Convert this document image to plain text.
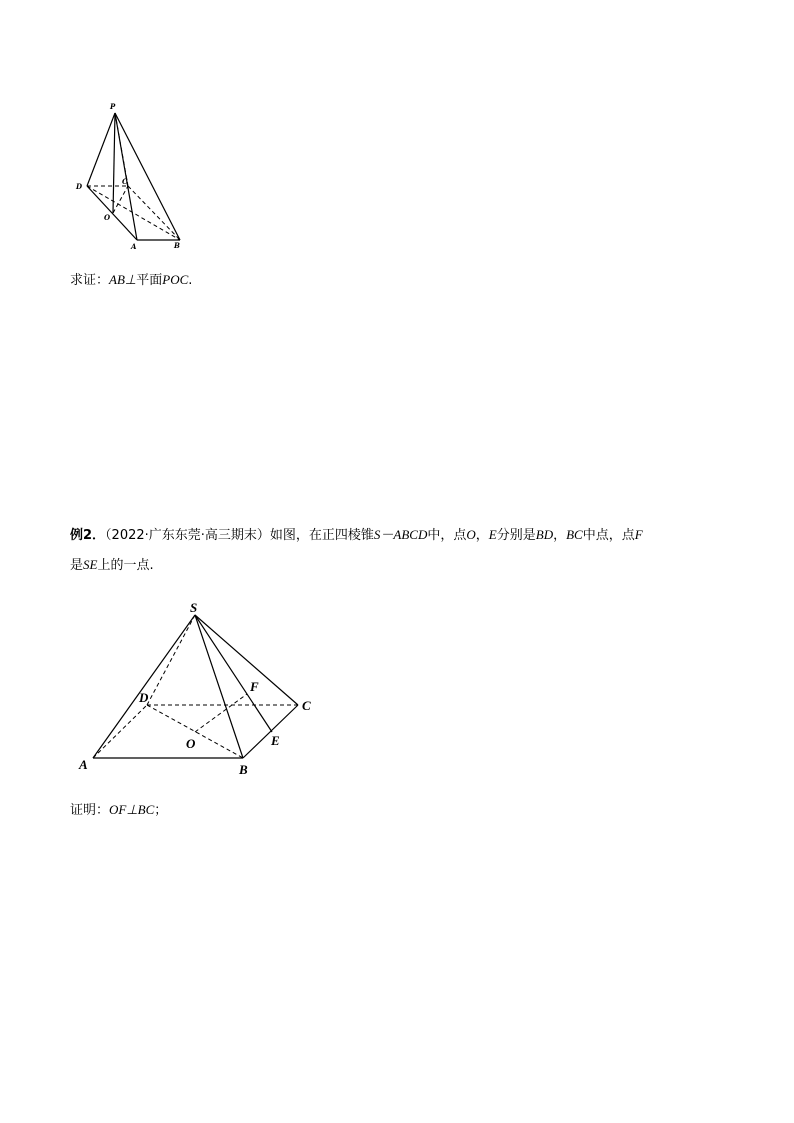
P
D
C
O
A	B
求证：AB⊥平面POC.
例2．（2022·广东东莞·高三期末）如图，在正四棱锥S－ABCD中，点O，E分别是BD，BC中点，点F
是SE上的一点.
S
D
F
C
O	E
A	B
证明：OF⊥BC；
